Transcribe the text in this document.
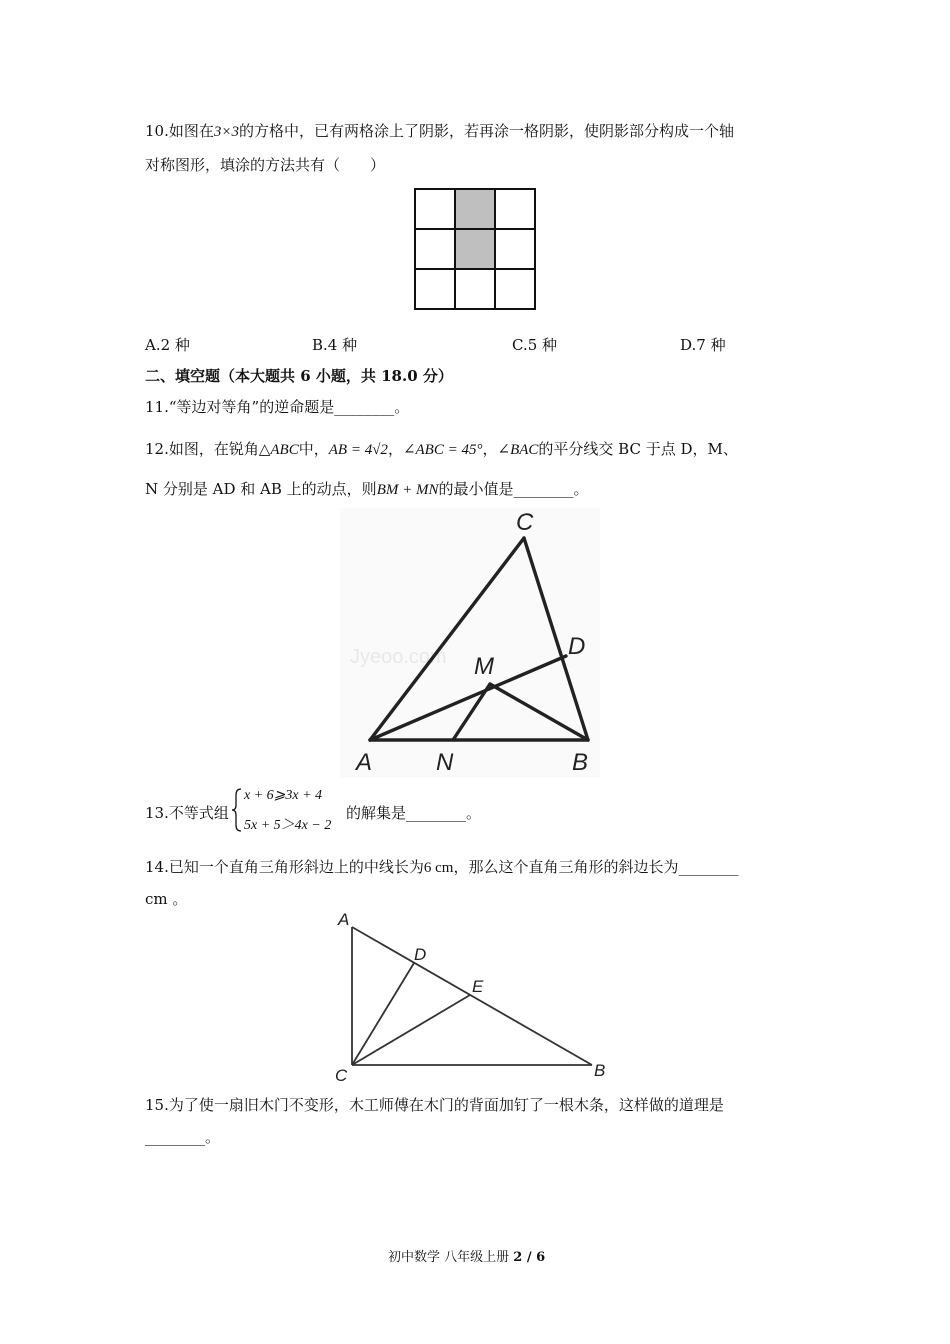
10.如图在3×3的方格中，已有两格涂上了阴影，若再涂一格阴影，使阴影部分构成一个轴
对称图形，填涂的方法共有（　　）
A.2 种	B.4 种	C.5 种	D.7 种
二、填空题（本大题共 6 小题，共 18.0 分）
11.“等边对等角”的逆命题是________。
12.如图，在锐角△ABC中，AB = 4√2，∠ABC = 45°，∠BAC的平分线交 BC 于点 D，M、
N 分别是 AD 和 AB 上的动点，则BM + MN的最小值是________。
Jyeoo.com
C
D
M
A	N	B
13.不等式组
x + 6⩾3x + 4
5x + 5＞4x − 2
的解集是________。
14.已知一个直角三角形斜边上的中线长为6 cm，那么这个直角三角形的斜边长为________
cm 。
A
D
E
C	B
15.为了使一扇旧木门不变形，木工师傅在木门的背面加钉了一根木条，这样做的道理是
________。
初中数学 八年级上册 2 / 6
